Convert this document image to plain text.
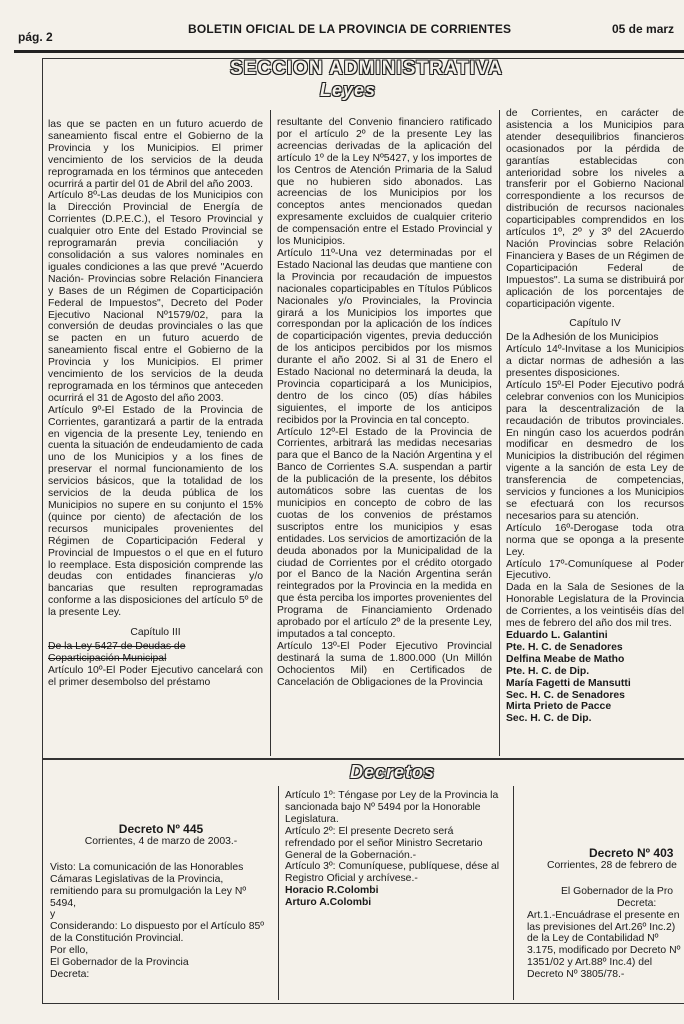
pág. 2
BOLETIN OFICIAL DE LA PROVINCIA DE CORRIENTES	05 de marz
SECCION ADMINISTRATIVA
Leyes

las que se pacten en un futuro acuerdo de saneamiento fiscal entre el Gobierno de la Provincia y los Municipios. El primer vencimiento de los servicios de la deuda reprogramada en los términos que anteceden ocurrirá a partir del 01 de Abril del año 2003.

Artículo 8º-Las deudas de los Municipios con la Dirección Provincial de Energía de Corrientes (D.P.E.C.), el Tesoro Provincial y cualquier otro Ente del Estado Provincial se reprogramarán previa conciliación y consolidación a sus valores nominales en iguales condiciones a las que prevé "Acuerdo Nación- Provincias sobre Relación Financiera y Bases de un Régimen de Coparticipación Federal de Impuestos", Decreto del Poder Ejecutivo Nacional Nº1579/02, para la conversión de deudas provinciales o las que se pacten en un futuro acuerdo de saneamiento fiscal entre el Gobierno de la Provincia y los Municipios. El primer vencimiento de los servicios de la deuda reprogramada en los términos que anteceden ocurrirá el 31 de Agosto del año 2003.

Artículo 9º-El Estado de la Provincia de Corrientes, garantizará a partir de la entrada en vigencia de la presente Ley, teniendo en cuenta la situación de endeudamiento de cada uno de los Municipios y a los fines de preservar el normal funcionamiento de los servicios básicos, que la totalidad de los servicios de la deuda pública de los Municipios no supere en su conjunto el 15% (quince por ciento) de afectación de los recursos municipales provenientes del Régimen de Coparticipación Federal y Provincial de Impuestos o el que en el futuro lo reemplace. Esta disposición comprende las deudas con entidades financieras y/o bancarias que resulten reprogramadas conforme a las disposiciones del artículo 5º de la presente Ley.

Capítulo III

De la Ley 5427 de Deudas de

Coparticipación Municipal

Artículo 10º-El Poder Ejecutivo cancelará con el primer desembolso del préstamo

resultante del Convenio financiero ratificado por el artículo 2º de la presente Ley las acreencias derivadas de la aplicación del artículo 1º de la Ley Nº5427, y los importes de los Centros de Atención Primaria de la Salud que no hubieren sido abonados. Las acreencias de los Municipios por los conceptos antes mencionados quedan expresamente excluidos de cualquier criterio de compensación entre el Estado Provincial y los Municipios.

Artículo 11º-Una vez determinadas por el Estado Nacional las deudas que mantiene con la Provincia por recaudación de impuestos nacionales coparticipables en Títulos Públicos Nacionales y/o Provinciales, la Provincia girará a los Municipios los importes que correspondan por la aplicación de los índices de coparticipación vigentes, previa deducción de los anticipos percibidos por los mismos durante el año 2002. Si al 31 de Enero el Estado Nacional no determinará la deuda, la Provincia coparticipará a los Municipios, dentro de los cinco (05) días hábiles siguientes, el importe de los anticipos recibidos por la Provincia en tal concepto.

Artículo 12º-El Estado de la Provincia de Corrientes, arbitrará las medidas necesarias para que el Banco de la Nación Argentina y el Banco de Corrientes S.A. suspendan a partir de la publicación de la presente, los débitos automáticos sobre las cuentas de los municipios en concepto de cobro de las cuotas de los convenios de préstamos suscriptos entre los municipios y esas entidades. Los servicios de amortización de la deuda abonados por la Municipalidad de la ciudad de Corrientes por el crédito otorgado por el Banco de la Nación Argentina serán reintegrados por la Provincia en la medida en que ésta perciba los importes provenientes del Programa de Financiamiento Ordenado aprobado por el artículo 2º de la presente Ley, imputados a tal concepto.

Artículo 13º-El Poder Ejecutivo Provincial destinará la suma de 1.800.000 (Un Millón Ochocientos Mil) en Certificados de Cancelación de Obligaciones de la Provincia

de Corrientes, en carácter de asistencia a los Municipios para atender desequilibrios financieros ocasionados por la pérdida de garantías establecidas con anterioridad sobre los niveles a transferir por el Gobierno Nacional correspondiente a los recursos de distribución de recursos nacionales coparticipables comprendidos en los artículos 1º, 2º y 3º del 2Acuerdo Nación Provincias sobre Relación Financiera y Bases de un Régimen de Coparticipación Federal de Impuestos". La suma se distribuirá por aplicación de los porcentajes de coparticipación vigente.

Capítulo IV

De la Adhesión de los Municipios

Artículo 14º-Invitase a los Municipios a dictar normas de adhesión a las presentes disposiciones.

Artículo 15º-El Poder Ejecutivo podrá celebrar convenios con los Municipios para la descentralización de la recaudación de tributos provinciales. En ningún caso los acuerdos podrán modificar en desmedro de los Municipios la distribución del régimen vigente a la sanción de esta Ley de transferencia de competencias, servicios y funciones a los Municipios se efectuará con los recursos necesarios para su atención.

Artículo 16º-Derogase toda otra norma que se oponga a la presente Ley.

Artículo 17º-Comuníquese al Poder Ejecutivo.

Dada en la Sala de Sesiones de la Honorable Legislatura de la Provincia de Corrientes, a los veintiséis días del mes de febrero del año dos mil tres.

Eduardo L. Galantini

Pte. H. C. de Senadores

Delfina Meabe de Matho

Pte. H. C. de Dip.

María Fagetti de Mansutti

Sec. H. C. de Senadores

Mirta Prieto de Pacce

Sec. H. C. de Dip.

Decretos

Decreto Nº 445

Corrientes, 4 de marzo de 2003.-

Visto: La comunicación de las Honorables Cámaras Legislativas de la Provincia, remitiendo para su promulgación la Ley Nº 5494,

y

Considerando: Lo dispuesto por el Artículo 85º de la Constitución Provincial.

Por ello,

El Gobernador de la Provincia

Decreta:

Artículo 1º: Téngase por Ley de la Provincia la sancionada bajo Nº 5494 por la Honorable Legislatura.

Artículo 2º: El presente Decreto será refrendado por el señor Ministro Secretario General de la Gobernación.-

Artículo 3º: Comuníquese, publíquese, dése al Registro Oficial y archívese.-

Horacio R.Colombi

Arturo A.Colombi

Decreto Nº 403

Corrientes, 28 de febrero de

El Gobernador de la Pro

Decreta:

Art.1.-Encuádrase el presente en las previsiones del Art.26º Inc.2) de la Ley de Contabilidad Nº 3.175, modificado por Decreto Nº 1351/02 y Art.88º Inc.4) del Decreto Nº 3805/78.-
